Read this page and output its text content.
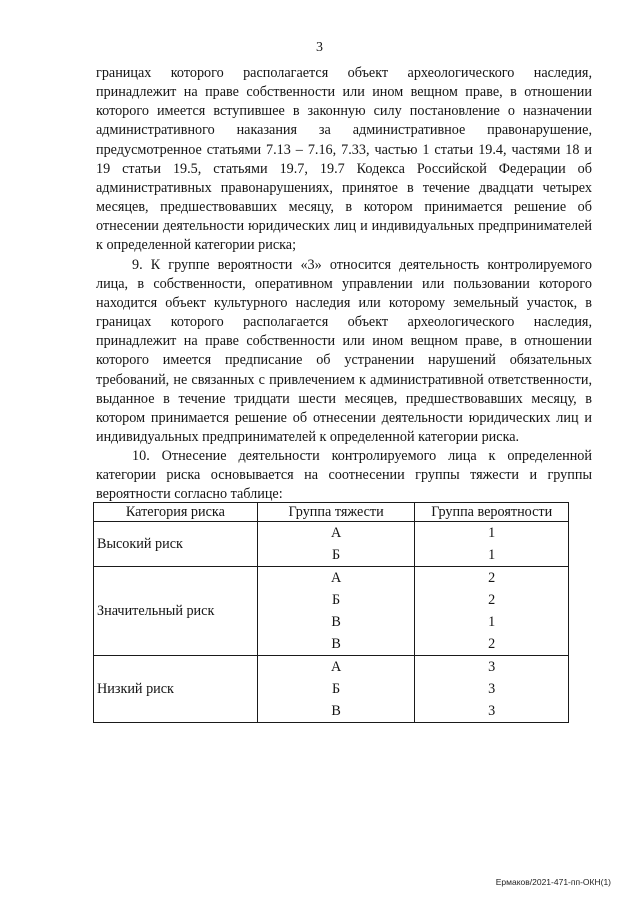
3

границах которого располагается объект археологического наследия, принадлежит на праве собственности или ином вещном праве, в отношении которого имеется вступившее в законную силу постановление о назначении административного наказания за административное правонарушение, предусмотренное статьями 7.13 – 7.16, 7.33, частью 1 статьи 19.4, частями 18 и 19 статьи 19.5, статьями 19.7, 19.7 Кодекса Российской Федерации об административных правонарушениях, принятое в течение двадцати четырех месяцев, предшествовавших месяцу, в котором принимается решение об отнесении деятельности юридических лиц и индивидуальных предпринимателей к определенной категории риска;

9. К группе вероятности «3» относится деятельность контролируемого лица, в собственности, оперативном управлении или пользовании которого находится объект культурного наследия или которому земельный участок, в границах которого располагается объект археологического наследия, принадлежит на праве собственности или ином вещном праве, в отношении которого имеется предписание об устранении нарушений обязательных требований, не связанных с привлечением к административной ответственности, выданное в течение тридцати шести месяцев, предшествовавших месяцу, в котором принимается решение об отнесении деятельности юридических лиц и индивидуальных предпринимателей к определенной категории риска.

10. Отнесение деятельности контролируемого лица к определенной категории риска основывается на соотнесении группы тяжести и группы вероятности согласно таблице:

Категория риска	Группа тяжести	Группа вероятности
Высокий риск	А	1
	Б	1
Значительный риск	А	2
	Б	2
	В	1
	В	2
Низкий риск	А	3
	Б	3
	В	3
Ермаков/2021-471-пп-ОКН(1)
